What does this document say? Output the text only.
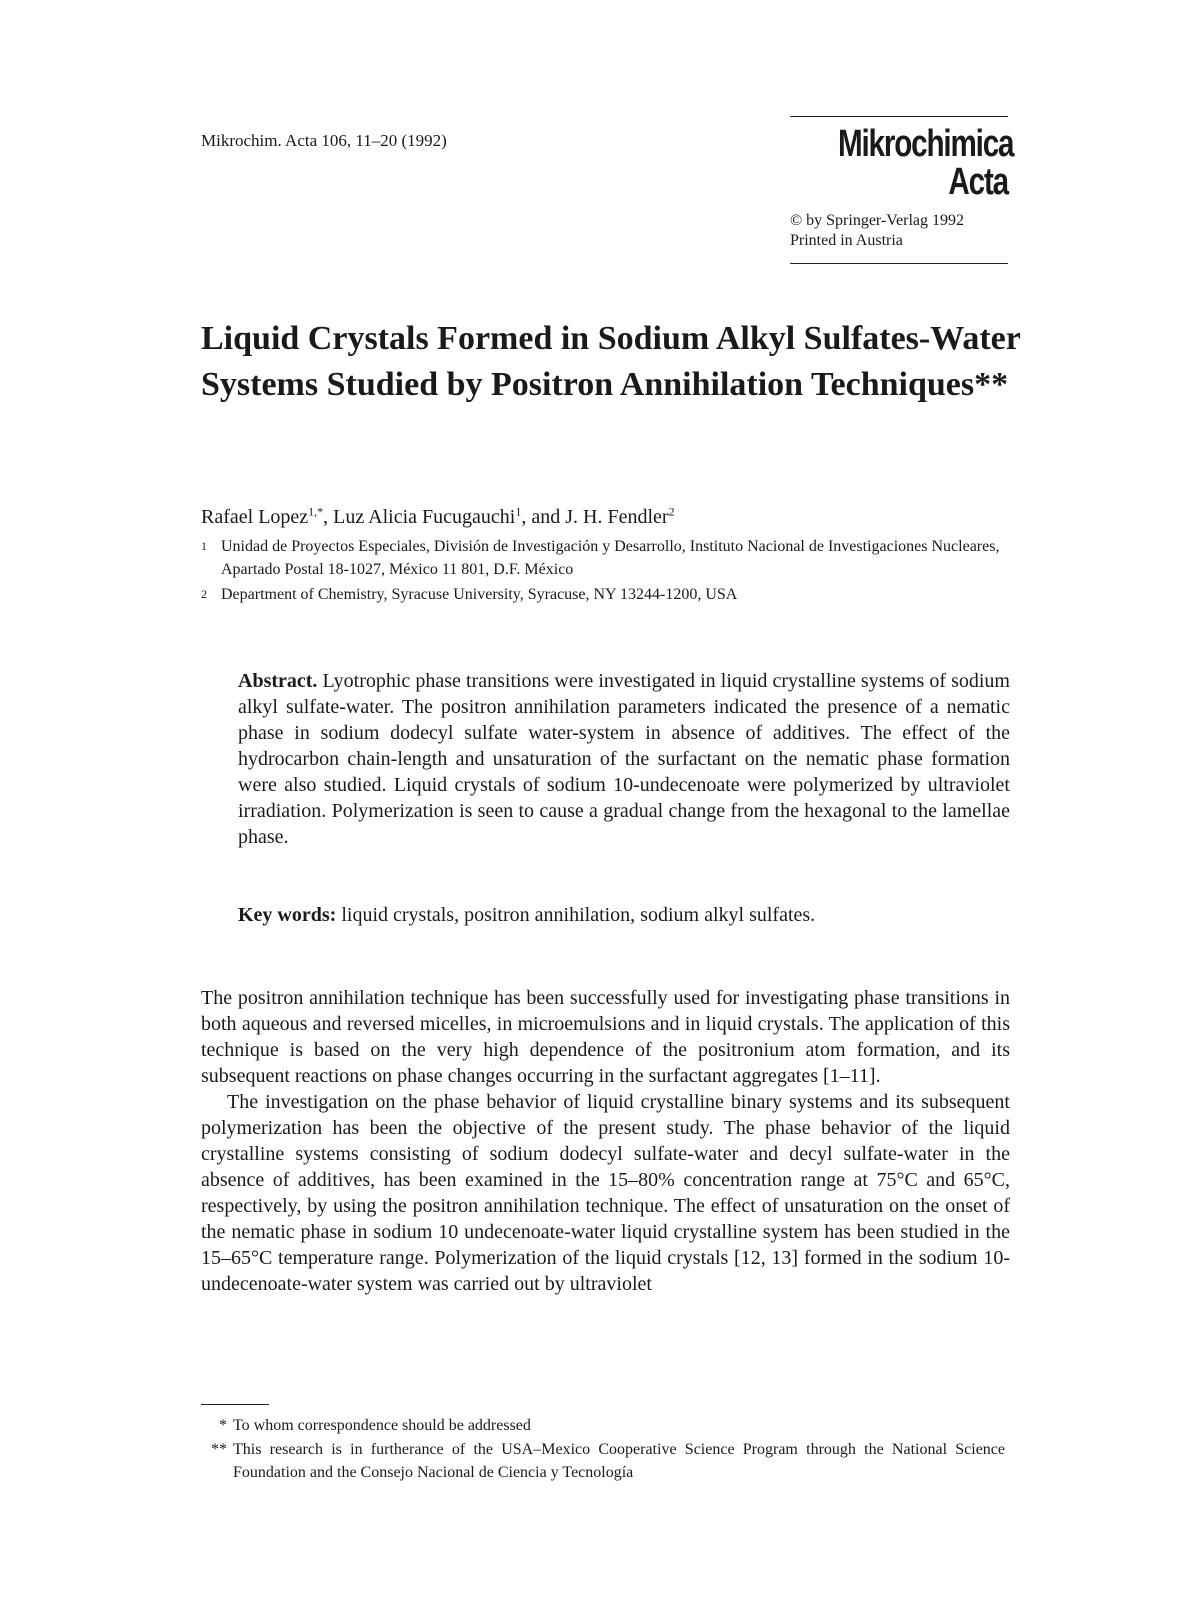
Mikrochim. Acta 106, 11–20 (1992)	Mikrochimica
Acta
© by Springer-Verlag 1992
Printed in Austria
Liquid Crystals Formed in Sodium Alkyl Sulfates-Water Systems Studied by Positron Annihilation Techniques**
Rafael Lopez$^{1,*}$, Luz Alicia Fucugauchi$^1$, and J. H. Fendler$^2$
1 Unidad de Proyectos Especiales, División de Investigación y Desarrollo, Instituto Nacional de Investigaciones Nucleares, Apartado Postal 18-1027, México 11 801, D.F. México
2 Department of Chemistry, Syracuse University, Syracuse, NY 13244-1200, USA
Abstract. Lyotrophic phase transitions were investigated in liquid crystalline systems of sodium alkyl sulfate-water. The positron annihilation parameters indicated the presence of a nematic phase in sodium dodecyl sulfate water-system in absence of additives. The effect of the hydrocarbon chain-length and unsaturation of the surfactant on the nematic phase formation were also studied. Liquid crystals of sodium 10-undecenoate were polymerized by ultraviolet irradiation. Polymerization is seen to cause a gradual change from the hexagonal to the lamellae phase.
Key words: liquid crystals, positron annihilation, sodium alkyl sulfates.

The positron annihilation technique has been successfully used for investigating phase transitions in both aqueous and reversed micelles, in microemulsions and in liquid crystals. The application of this technique is based on the very high dependence of the positronium atom formation, and its subsequent reactions on phase changes occurring in the surfactant aggregates [1–11].

The investigation on the phase behavior of liquid crystalline binary systems and its subsequent polymerization has been the objective of the present study. The phase behavior of the liquid crystalline systems consisting of sodium dodecyl sulfate-water and decyl sulfate-water in the absence of additives, has been examined in the 15–80% concentration range at 75°C and 65°C, respectively, by using the positron annihilation technique. The effect of unsaturation on the onset of the nematic phase in sodium 10 undecenoate-water liquid crystalline system has been studied in the 15–65°C temperature range. Polymerization of the liquid crystals [12, 13] formed in the sodium 10-undecenoate-water system was carried out by ultraviolet

* To whom correspondence should be addressed
** This research is in furtherance of the USA–Mexico Cooperative Science Program through the National Science Foundation and the Consejo Nacional de Ciencia y Tecnología
